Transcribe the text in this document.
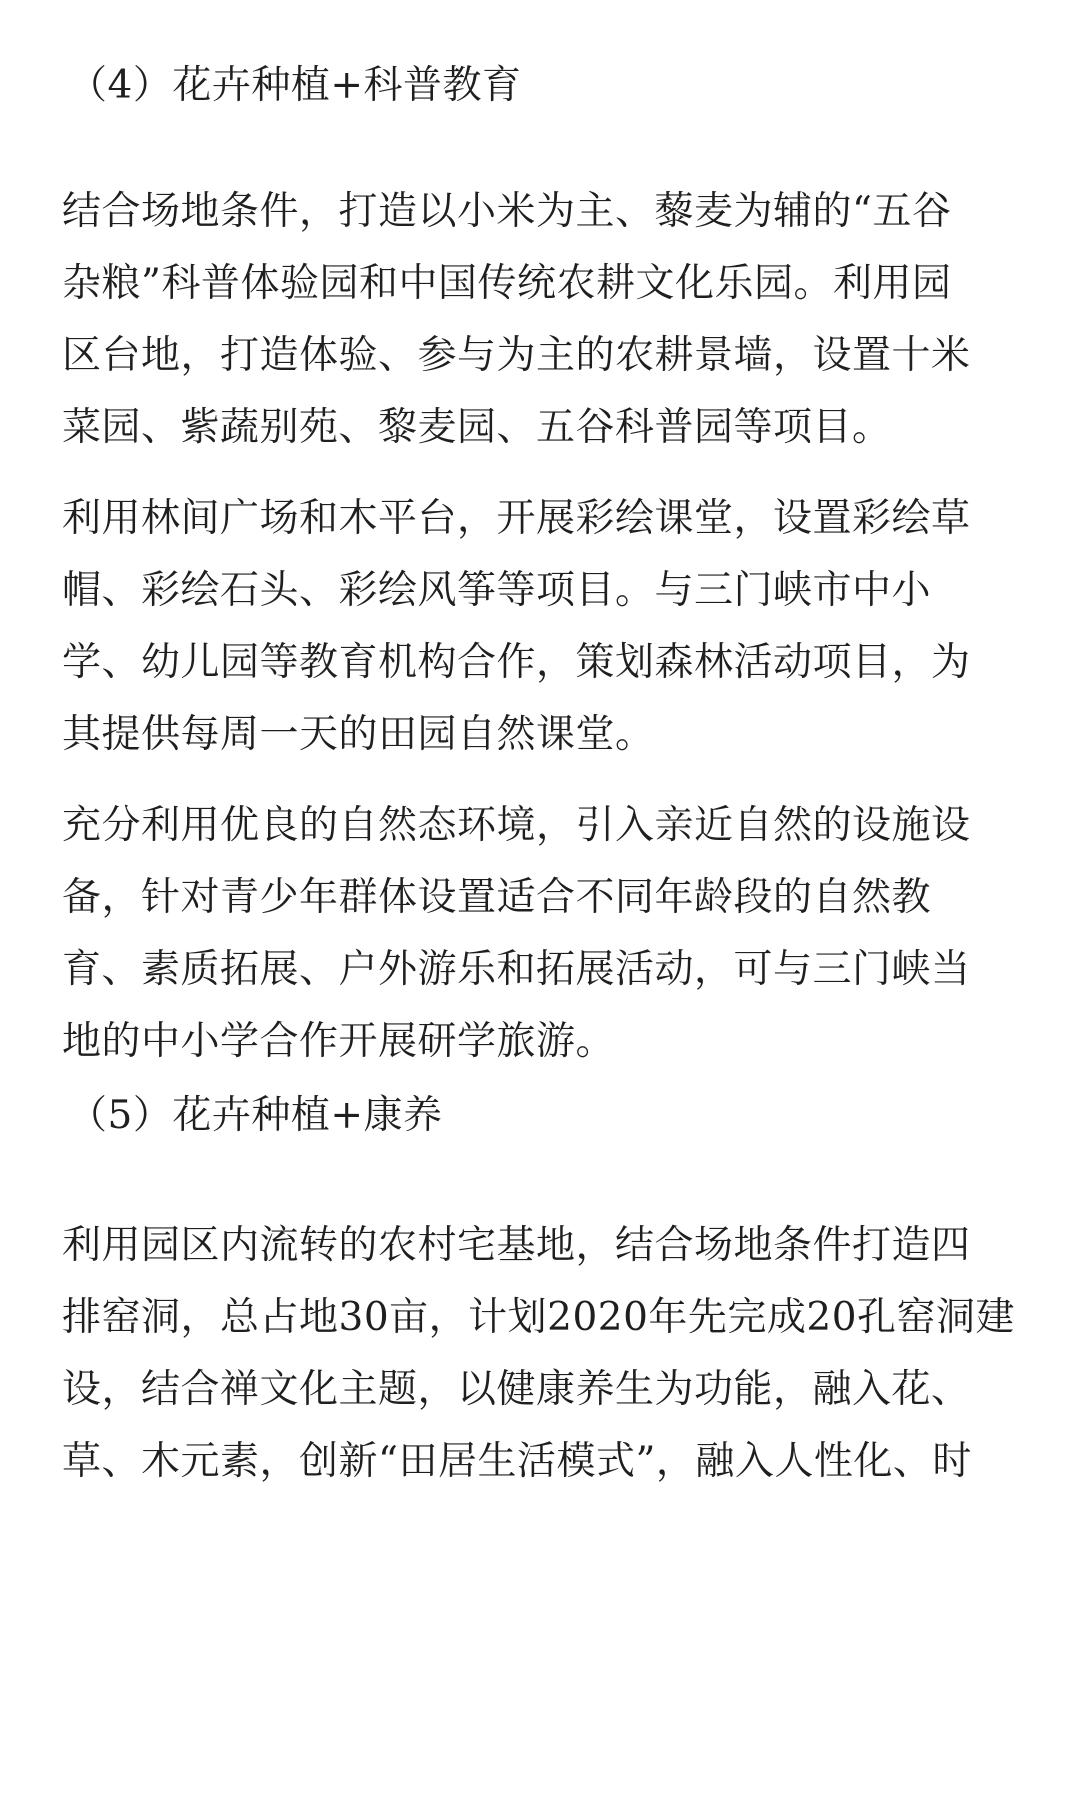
（4）花卉种植+科普教育

结合场地条件，打造以小米为主、藜麦为辅的“五谷
杂粮”科普体验园和中国传统农耕文化乐园。利用园
区台地，打造体验、参与为主的农耕景墙，设置十米
菜园、紫蔬别苑、黎麦园、五谷科普园等项目。

利用林间广场和木平台，开展彩绘课堂，设置彩绘草
帽、彩绘石头、彩绘风筝等项目。与三门峡市中小
学、幼儿园等教育机构合作，策划森林活动项目，为
其提供每周一天的田园自然课堂。

充分利用优良的自然态环境，引入亲近自然的设施设
备，针对青少年群体设置适合不同年龄段的自然教
育、素质拓展、户外游乐和拓展活动，可与三门峡当
地的中小学合作开展研学旅游。

（5）花卉种植+康养

利用园区内流转的农村宅基地，结合场地条件打造四
排窑洞，总占地30亩，计划2020年先完成20孔窑洞建
设，结合禅文化主题，以健康养生为功能，融入花、
草、木元素，创新“田居生活模式”，融入人性化、时
